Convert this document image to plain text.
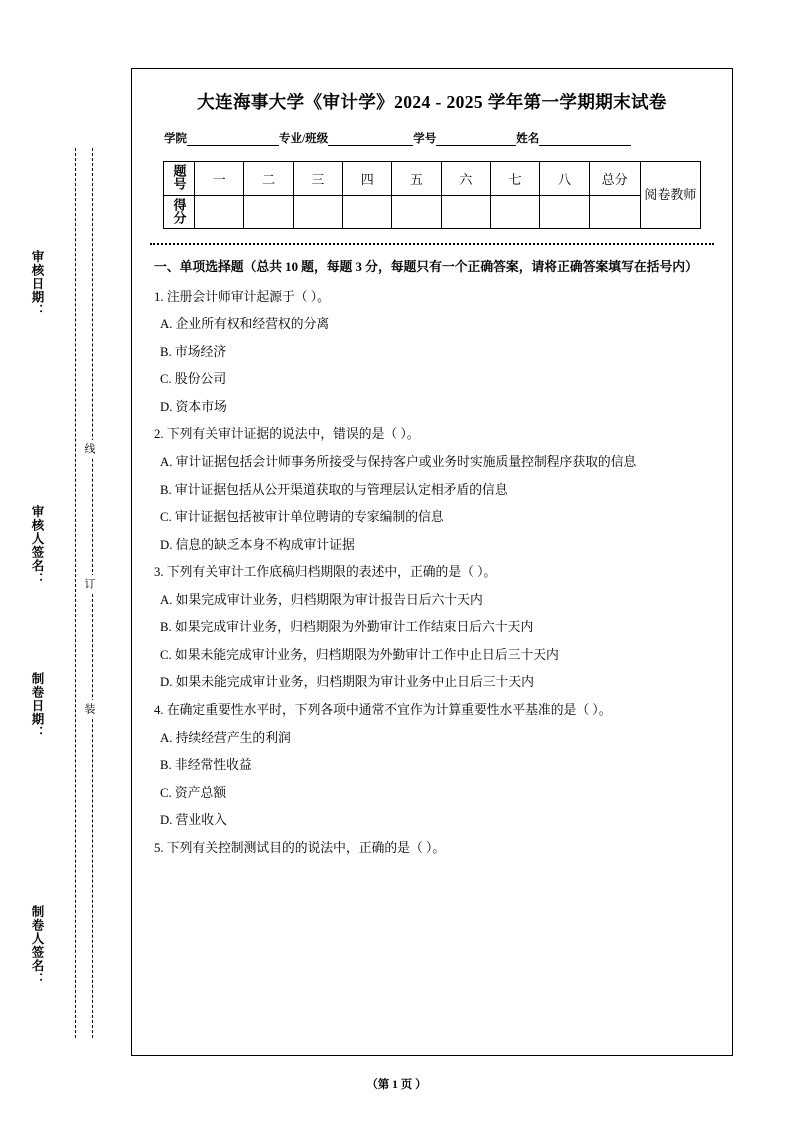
审核日期：
审核人签名：
制卷日期：
制卷人签名：
线
订
装
大连海事大学《审计学》2024 - 2025 学年第一学期期末试卷
学院	专业/班级	学号	姓名
题号	一	二	三	四	五	六	七	八	总分	阅卷教师
得分										
一、单项选择题（总共 10 题，每题 3 分，每题只有一个正确答案，请将正确答案填写在括号内）
1. 注册会计师审计起源于（ ）。
A. 企业所有权和经营权的分离
B. 市场经济
C. 股份公司
D. 资本市场
2. 下列有关审计证据的说法中，错误的是（ ）。
A. 审计证据包括会计师事务所接受与保持客户或业务时实施质量控制程序获取的信息
B. 审计证据包括从公开渠道获取的与管理层认定相矛盾的信息
C. 审计证据包括被审计单位聘请的专家编制的信息
D. 信息的缺乏本身不构成审计证据
3. 下列有关审计工作底稿归档期限的表述中，正确的是（ ）。
A. 如果完成审计业务，归档期限为审计报告日后六十天内
B. 如果完成审计业务，归档期限为外勤审计工作结束日后六十天内
C. 如果未能完成审计业务，归档期限为外勤审计工作中止日后三十天内
D. 如果未能完成审计业务，归档期限为审计业务中止日后三十天内
4. 在确定重要性水平时，下列各项中通常不宜作为计算重要性水平基准的是（ ）。
A. 持续经营产生的利润
B. 非经常性收益
C. 资产总额
D. 营业收入
5. 下列有关控制测试目的的说法中，正确的是（ ）。
（第 1 页 ）
